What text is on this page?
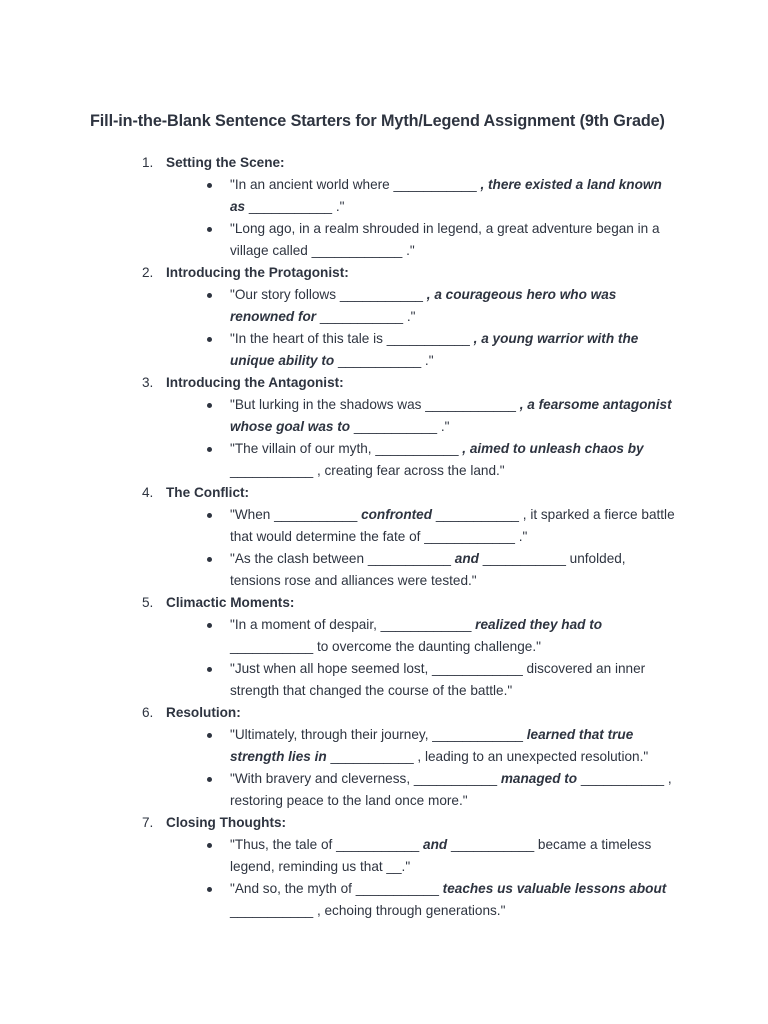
Fill-in-the-Blank Sentence Starters for Myth/Legend Assignment (9th Grade)
1. Setting the Scene:
"In an ancient world where ___________ , there existed a land known as ___________ ."
"Long ago, in a realm shrouded in legend, a great adventure began in a village called ____________ ."
2. Introducing the Protagonist:
"Our story follows ___________ , a courageous hero who was renowned for ___________ ."
"In the heart of this tale is ___________ , a young warrior with the unique ability to ___________ ."
3. Introducing the Antagonist:
"But lurking in the shadows was ____________ , a fearsome antagonist whose goal was to ___________ ."
"The villain of our myth, ___________ , aimed to unleash chaos by ___________ , creating fear across the land."
4. The Conflict:
"When ___________ confronted ___________ , it sparked a fierce battle that would determine the fate of ____________ ."
"As the clash between ___________ and ___________ unfolded, tensions rose and alliances were tested."
5. Climactic Moments:
"In a moment of despair, ____________ realized they had to ___________ to overcome the daunting challenge."
"Just when all hope seemed lost, ____________ discovered an inner strength that changed the course of the battle."
6. Resolution:
"Ultimately, through their journey, ____________ learned that true strength lies in ___________ , leading to an unexpected resolution."
"With bravery and cleverness, ___________ managed to ___________ , restoring peace to the land once more."
7. Closing Thoughts:
"Thus, the tale of ___________ and ___________ became a timeless legend, reminding us that __."
"And so, the myth of ___________ teaches us valuable lessons about ___________ , echoing through generations."
